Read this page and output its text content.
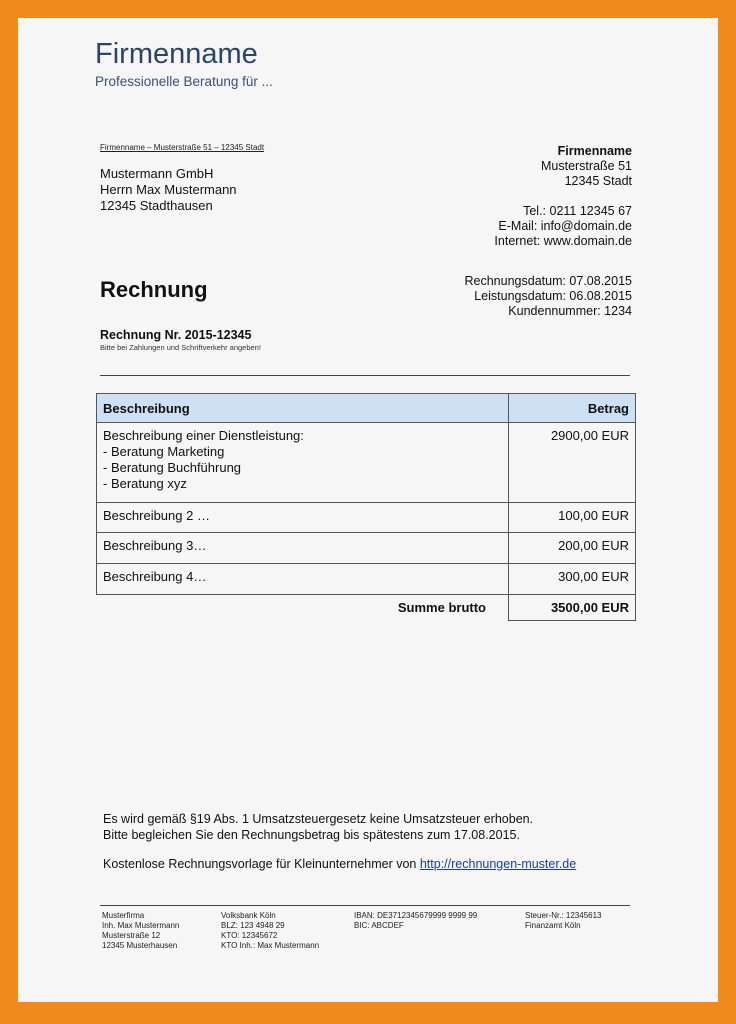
Firmenname
Professionelle Beratung für ...
Firmenname – Musterstraße 51 – 12345 Stadt
Mustermann GmbH
Herrn Max Mustermann
12345 Stadthausen
Firmenname
Musterstraße 51
12345 Stadt
Tel.: 0211 12345 67
E-Mail: info@domain.de
Internet: www.domain.de
Rechnungsdatum: 07.08.2015
Leistungsdatum: 06.08.2015
Kundennummer: 1234
Rechnung
Rechnung Nr. 2015-12345
Bitte bei Zahlungen und Schriftverkehr angeben!
Beschreibung	Betrag

Beschreibung einer Dienstleistung:
- Beratung Marketing
- Beratung Buchführung
- Beratung xyz	2900,00 EUR
Beschreibung 2 …	100,00 EUR
Beschreibung 3…	200,00 EUR
Beschreibung 4…	300,00 EUR
Summe brutto	3500,00 EUR
Es wird gemäß §19 Abs. 1 Umsatzsteuergesetz keine Umsatzsteuer erhoben.
Bitte begleichen Sie den Rechnungsbetrag bis spätestens zum 17.08.2015.
Kostenlose Rechnungsvorlage für Kleinunternehmer von http://rechnungen-muster.de
Musterfirma
Inh. Max Mustermann
Musterstraße 12
12345 Musterhausen
Volksbank Köln
BLZ: 123 4948 29
KTO: 12345672
KTO Inh.: Max Mustermann
IBAN: DE3712345679999 9999 99
BIC: ABCDEF
Steuer-Nr.: 12345613
Finanzamt Köln
